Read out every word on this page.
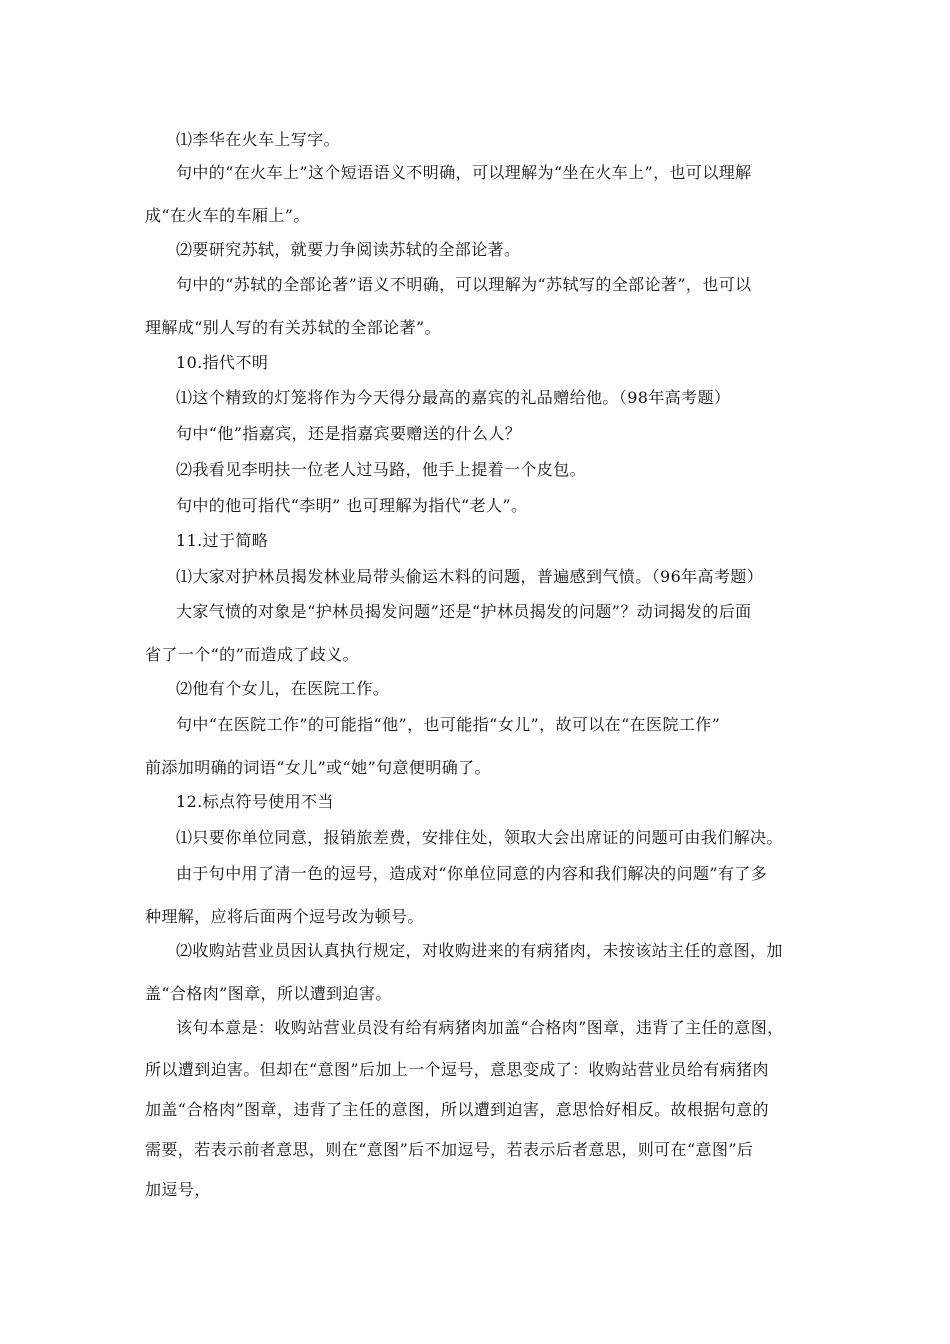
⑴李华在火车上写字。
句中的“在火车上”这个短语语义不明确，可以理解为“坐在火车上”，也可以理解
成“在火车的车厢上”。
⑵要研究苏轼，就要力争阅读苏轼的全部论著。
句中的“苏轼的全部论著”语义不明确，可以理解为“苏轼写的全部论著”，也可以
理解成“别人写的有关苏轼的全部论著”。
10.指代不明
⑴这个精致的灯笼将作为今天得分最高的嘉宾的礼品赠给他。（98年高考题）
句中“他”指嘉宾，还是指嘉宾要赠送的什么人？
⑵我看见李明扶一位老人过马路，他手上提着一个皮包。
句中的他可指代“李明” 也可理解为指代“老人”。
11.过于简略
⑴大家对护林员揭发林业局带头偷运木料的问题，普遍感到气愤。（96年高考题）
大家气愤的对象是“护林员揭发问题”还是“护林员揭发的问题”？动词揭发的后面
省了一个“的”而造成了歧义。
⑵他有个女儿，在医院工作。
句中“在医院工作”的可能指“他”，也可能指“女儿”，故可以在“在医院工作”
前添加明确的词语“女儿”或“她”句意便明确了。
12.标点符号使用不当
⑴只要你单位同意，报销旅差费，安排住处，领取大会出席证的问题可由我们解决。
由于句中用了清一色的逗号，造成对“你单位同意的内容和我们解决的问题”有了多
种理解，应将后面两个逗号改为顿号。
⑵收购站营业员因认真执行规定，对收购进来的有病猪肉，未按该站主任的意图，加
盖“合格肉”图章，所以遭到迫害。
该句本意是：收购站营业员没有给有病猪肉加盖“合格肉”图章，违背了主任的意图，
所以遭到迫害。但却在“意图”后加上一个逗号，意思变成了：收购站营业员给有病猪肉
加盖“合格肉”图章，违背了主任的意图，所以遭到迫害，意思恰好相反。故根据句意的
需要，若表示前者意思，则在“意图”后不加逗号，若表示后者意思，则可在“意图”后
加逗号，
